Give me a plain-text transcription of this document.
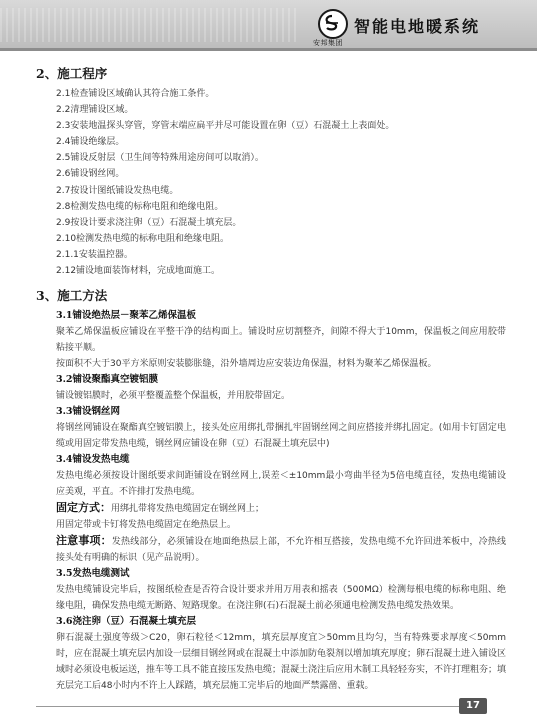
安邦集团
智能电地暖系统
2、施工程序
2.1检查铺设区域确认其符合施工条件。
2.2清理铺设区域。
2.3安装地温探头穿管，穿管末端应扁平并尽可能设置在卵（豆）石混凝土上表面处。
2.4铺设绝缘层。
2.5铺设反射层（卫生间等特殊用途房间可以取消）。
2.6铺设钢丝网。
2.7按设计图纸铺设发热电缆。
2.8检测发热电缆的标称电阻和绝缘电阻。
2.9按设计要求浇注卵（豆）石混凝土填充层。
2.10检测发热电缆的标称电阻和绝缘电阻。
2.1.1安装温控器。
2.12铺设地面装饰材料，完成地面施工。
3、施工方法
3.1铺设绝热层－聚苯乙烯保温板
聚苯乙烯保温板应铺设在平整干净的结构面上。铺设时应切割整齐，间隙不得大于10mm，保温板之间应用胶带粘接平顺。
按面积不大于30平方米原则安装膨胀缝，沿外墙周边应安装边角保温，材料为聚苯乙烯保温板。
3.2铺设聚酯真空镀铝膜
铺设镀铝膜时，必须平整覆盖整个保温板，并用胶带固定。
3.3铺设钢丝网
将钢丝网铺设在聚酯真空镀铝膜上，接头处应用绑扎带捆扎牢固钢丝网之间应搭接并绑扎固定。(如用卡钉固定电缆或用固定带发热电缆，钢丝网应铺设在卵（豆）石混凝土填充层中)
3.4铺设发热电缆
发热电缆必须按设计图纸要求间距铺设在钢丝网上,误差＜±10mm最小弯曲半径为5倍电缆直径，发热电缆铺设应美观，平直。不许排打发热电缆。
固定方式：用绑扎带将发热电缆固定在钢丝网上；
用固定带或卡钉将发热电缆固定在绝热层上。
注意事项：发热线部分，必须铺设在地面绝热层上部，不允许相互搭接，发热电缆不允许回进苯板中，冷热线接头处有明确的标识（见产品说明）。
3.5发热电缆测试
发热电缆铺设完毕后，按图纸检查是否符合设计要求并用万用表和摇表（500MΩ）检测每根电缆的标称电阻、绝缘电阻，确保发热电缆无断路、短路现象。在浇注卵(石)石混凝土前必须通电检测发热电缆发热效果。
3.6浇注卵（豆）石混凝土填充层
卵石混凝土强度等级＞C20，卵石粒径＜12mm，填充层厚度宜＞50mm且均匀，当有特殊要求厚度＜50mm时，应在混凝土填充层内加设一层细目钢丝网或在混凝土中添加防龟裂剂以增加填充厚度；卵石混凝土进入铺设区域时必须设电板运送，推车等工具不能直接压发热电缆；混凝土浇注后应用木制工具轻轻夯实，不许打理粗夯；填充层完工后48小时内不许上人踩踏，填充层施工完毕后的地面严禁露凿、重载。
17
